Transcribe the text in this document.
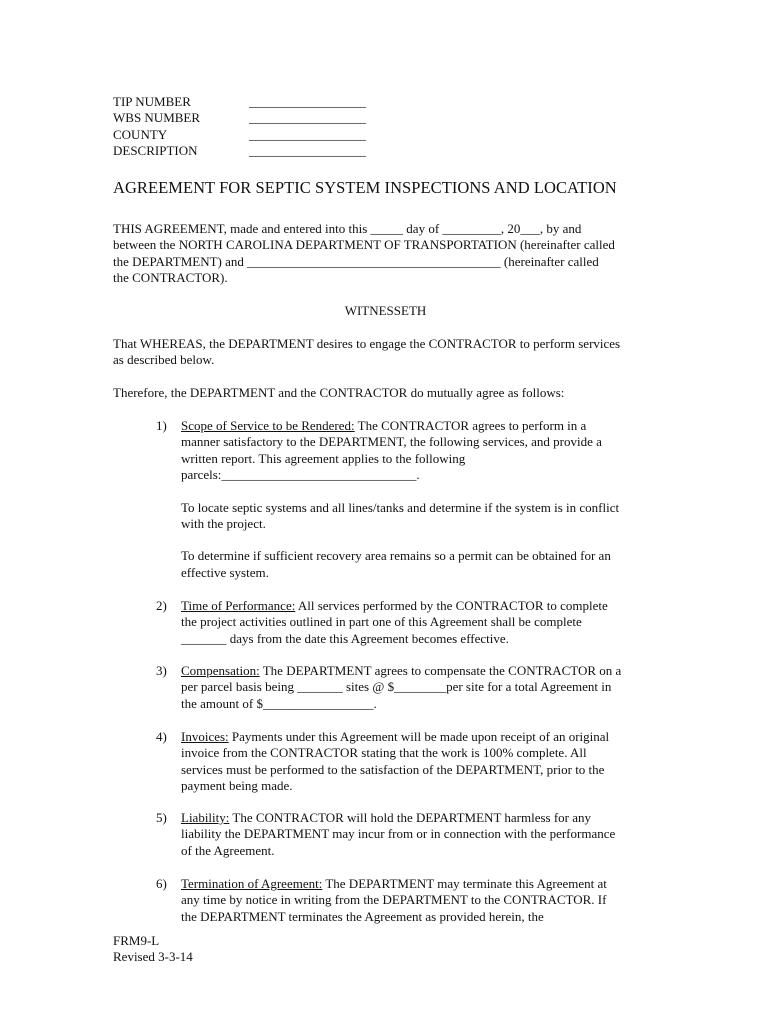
TIP NUMBER	__________________
WBS NUMBER	__________________
COUNTY	__________________
DESCRIPTION	__________________
AGREEMENT FOR SEPTIC SYSTEM INSPECTIONS AND LOCATION
THIS AGREEMENT, made and entered into this _____ day of _________, 20___, by and
between the NORTH CAROLINA DEPARTMENT OF TRANSPORTATION (hereinafter called
the DEPARTMENT) and _______________________________________ (hereinafter called
the CONTRACTOR).
WITNESSETH
That WHEREAS, the DEPARTMENT desires to engage the CONTRACTOR to perform services
as described below.
Therefore, the DEPARTMENT and the CONTRACTOR do mutually agree as follows:
1)	Scope of Service to be Rendered: The CONTRACTOR agrees to perform in a
manner satisfactory to the DEPARTMENT, the following services, and provide a
written report. This agreement applies to the following
parcels:______________________________.

To locate septic systems and all lines/tanks and determine if the system is in conflict
with the project.

To determine if sufficient recovery area remains so a permit can be obtained for an
effective system.

2)	Time of Performance: All services performed by the CONTRACTOR to complete
the project activities outlined in part one of this Agreement shall be complete
_______ days from the date this Agreement becomes effective.

3)	Compensation: The DEPARTMENT agrees to compensate the CONTRACTOR on a
per parcel basis being _______ sites @ $________per site for a total Agreement in
the amount of $_________________.

4)	Invoices: Payments under this Agreement will be made upon receipt of an original
invoice from the CONTRACTOR stating that the work is 100% complete. All
services must be performed to the satisfaction of the DEPARTMENT, prior to the
payment being made.

5)	Liability: The CONTRACTOR will hold the DEPARTMENT harmless for any
liability the DEPARTMENT may incur from or in connection with the performance
of the Agreement.

6)	Termination of Agreement: The DEPARTMENT may terminate this Agreement at
any time by notice in writing from the DEPARTMENT to the CONTRACTOR. If
the DEPARTMENT terminates the Agreement as provided herein, the

FRM9-L
Revised 3-3-14
